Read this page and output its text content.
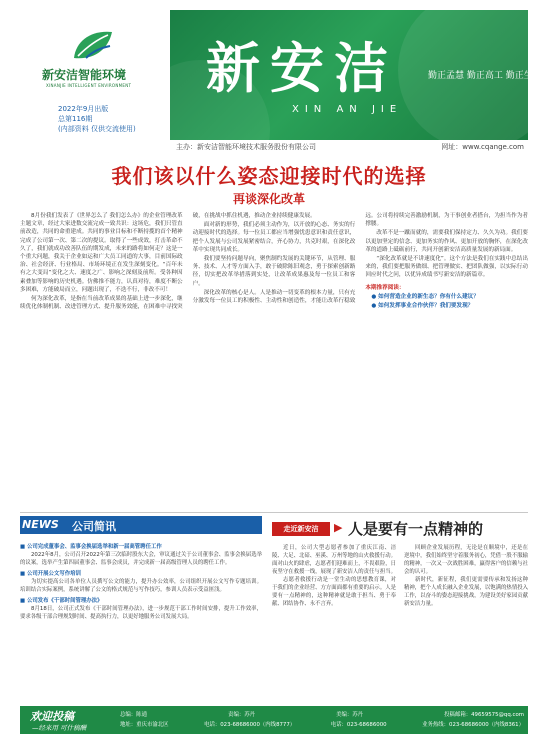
新安洁智能环境
XINANJIE INTELLIGENT ENVIRONMENT
2022年9月出版
总第116期
(内部资料 仅供交流使用)
新安洁	勤正孟慧 勤正高工 勤正生活
XIN AN JIE
主办：新安洁智能环境技术服务股份有限公司	网址：www.cqange.com
我们该以什么姿态迎接时代的选择
再谈深化改革

8月份我们发表了《世界怎么了 我们怎么办》的企业管理改革主题文章，经过大家进数交流完成一致共识：这场危，我们只管直前改造，共同的命重建成。共同的事业目标和不断持揽的首个精神完成了公司第一次、第二次的提议。取得了一些成效，打击革命不久了，我们就成功改善队伍的期发成，未来的路将如何走？这是一个重大问题，我关于企业如运和广大员工同道的大事，目前国际政治、社会经济、行业格局、市场环境正在发生深刻变化。“百年未有之大变局”变化之大、速度之广、影响之深刻及前所。受各种因素叠加等影响的历史机遇。仿佛推不能力，认真对待，难度不断公多困难，方能破局而立，问题出现了，不迭不行，非改不可！

何为深化改革，是指在当前改革成果的基础上进一步深化，继续优化体制机制、改进管理方式、提升服务效能，在困难中寻找突破，在挑战中抓住机遇，推动企业持续健康发展。

面对新的形势，我们必须主动作为，以开放的心态、务实的行动迎接时代的选择。每一位员工都应当增强忧患意识和责任意识，把个人发展与公司发展紧密结合，齐心协力，共克时艰，在深化改革中实现共同成长。

我们要坚持问题导向，聚焦制约发展的关键环节，从管理、服务、技术、人才等方面入手，敢于破除陈旧观念，勇于探索创新路径，切实把改革举措落到实处，让改革成果惠及每一位员工和客户。

深化改革的核心是人。人是推动一切变革的根本力量，只有充分激发每一位员工的积极性、主动性和创造性，才能让改革行稳致远。公司将持续完善激励机制，为干事创业者搭台，为担当作为者撑腰。

改革不是一蹴而就的，需要我们保持定力、久久为功。我们要以更加坚定的信念、更加务实的作风、更加开放的胸怀，在深化改革的道路上砥砺前行，共同开创新安洁高质量发展的新局面。

“深化改革就是不讲速度化”。这个方法是我们在实践中总结出来的，我们要把服务做细、把管理做实、把团队做强，以实际行动回应时代之问，以优异成绩书写新安洁的新篇章。

本期推荐阅读：

● 如何营造企业的新生态？你有什么建议？

● 如何发挥事业合作伙伴？我们要发现？

NEWS 公司简讯
■ 公司完成董事会、监事会换届选举和新一届高管聘任工作

2022年8月，公司召开2022年第三次临时股东大会，审议通过关于公司董事会、监事会换届选举的议案，选举产生第四届董事会、监事会成员，并完成新一届高级管理人员的聘任工作。

■ 公司开展公文写作培训

为切实提高公司各单位人员撰写公文的能力，提升办公效率，公司组织开展公文写作专题培训。培训结合实际案例，系统讲解了公文的格式规范与写作技巧，参训人员表示受益匪浅。

■ 公司发布《干部时间管理办法》

8月18日，公司正式发布《干部时间管理办法》，进一步规范干部工作时间安排，提升工作效率，要求各级干部合理规划时间、提高执行力，以更好地服务公司发展大局。

走近新安洁	▶ 人是要有一点精神的

近日，公司大型志愿者参加了重庆江南、涪陵、大足、北碚、巫溪、万州等地的山火救援行动。面对山火的肆虐，志愿者们迎难而上，不畏艰险，日夜坚守在救援一线，展现了新安洁人的责任与担当。

志愿者救援行动是一堂生动的思想教育课，对于我们的企业经营、方方面面都有重要的启示。人是要有一点精神的，这种精神就是敢于担当、勇于奉献、团结协作、永不言弃。

回顾企业发展历程，无论是在顺境中，还是在逆境中，我们始终坚守着服务初心，凭借一股不服输的精神，一次又一次战胜困难，赢得客户的信赖与社会的认可。

新时代，新征程，我们更需要传承和发扬这种精神，把个人成长融入企业发展，以饱满的热情投入工作，以奋斗的姿态迎接挑战，为建设美好家园贡献新安洁力量。

欢迎投稿
—经来用 可什稿酬
总编：陈通	责编：苏丹	美编：苏丹	投稿邮箱：49659575@qq.com
地址：重庆市渝北区	电话：023-68686000（内线8777）	电话：023-68686000	业务热线：023-68686000（内线8361）
